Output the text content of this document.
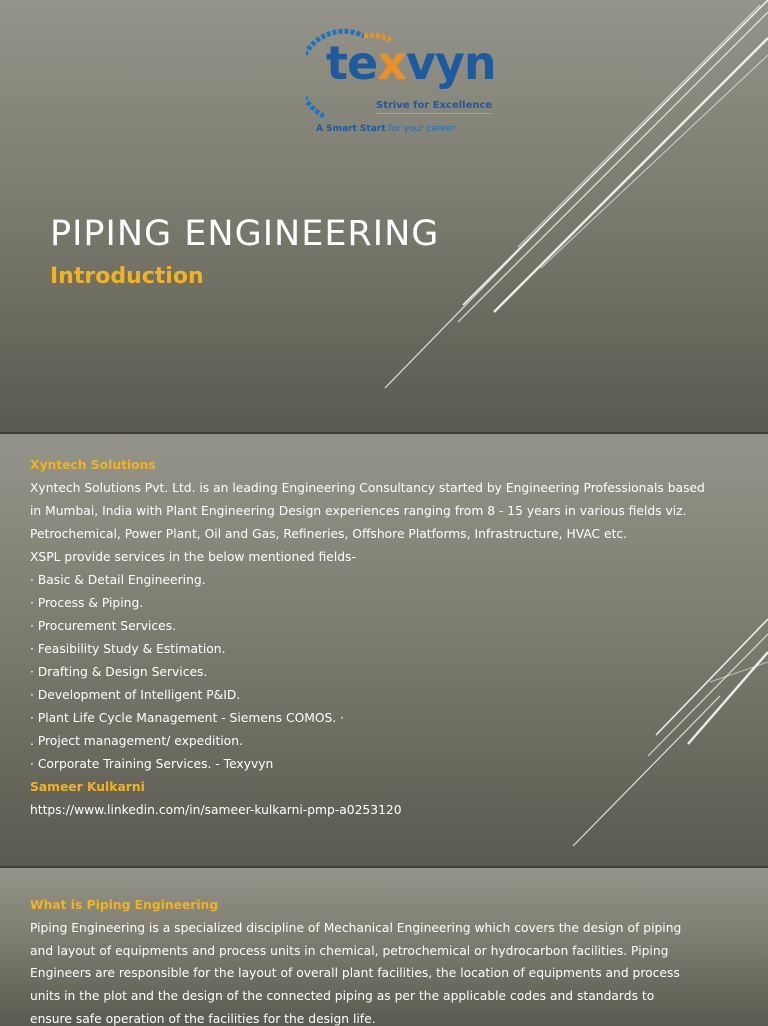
texvyn

Strive for Excellence
A Smart Start for your career
PIPING ENGINEERING
Introduction
Xyntech Solutions
Xyntech Solutions Pvt. Ltd. is an leading Engineering Consultancy started by Engineering Professionals based
in Mumbai, India with Plant Engineering Design experiences ranging from 8 - 15 years in various fields viz.
Petrochemical, Power Plant, Oil and Gas, Refineries, Offshore Platforms, Infrastructure, HVAC etc.
XSPL provide services in the below mentioned fields-
· Basic & Detail Engineering.
· Process & Piping.
· Procurement Services.
· Feasibility Study & Estimation.
· Drafting & Design Services.
· Development of Intelligent P&ID.
· Plant Life Cycle Management - Siemens COMOS. ·
. Project management/ expedition.
· Corporate Training Services. - Texyvyn
Sameer Kulkarni
https://www.linkedin.com/in/sameer-kulkarni-pmp-a0253120
What is Piping Engineering
Piping Engineering is a specialized discipline of Mechanical Engineering which covers the design of piping
and layout of equipments and process units in chemical, petrochemical or hydrocarbon facilities. Piping
Engineers are responsible for the layout of overall plant facilities, the location of equipments and process
units in the plot and the design of the connected piping as per the applicable codes and standards to
ensure safe operation of the facilities for the design life.
